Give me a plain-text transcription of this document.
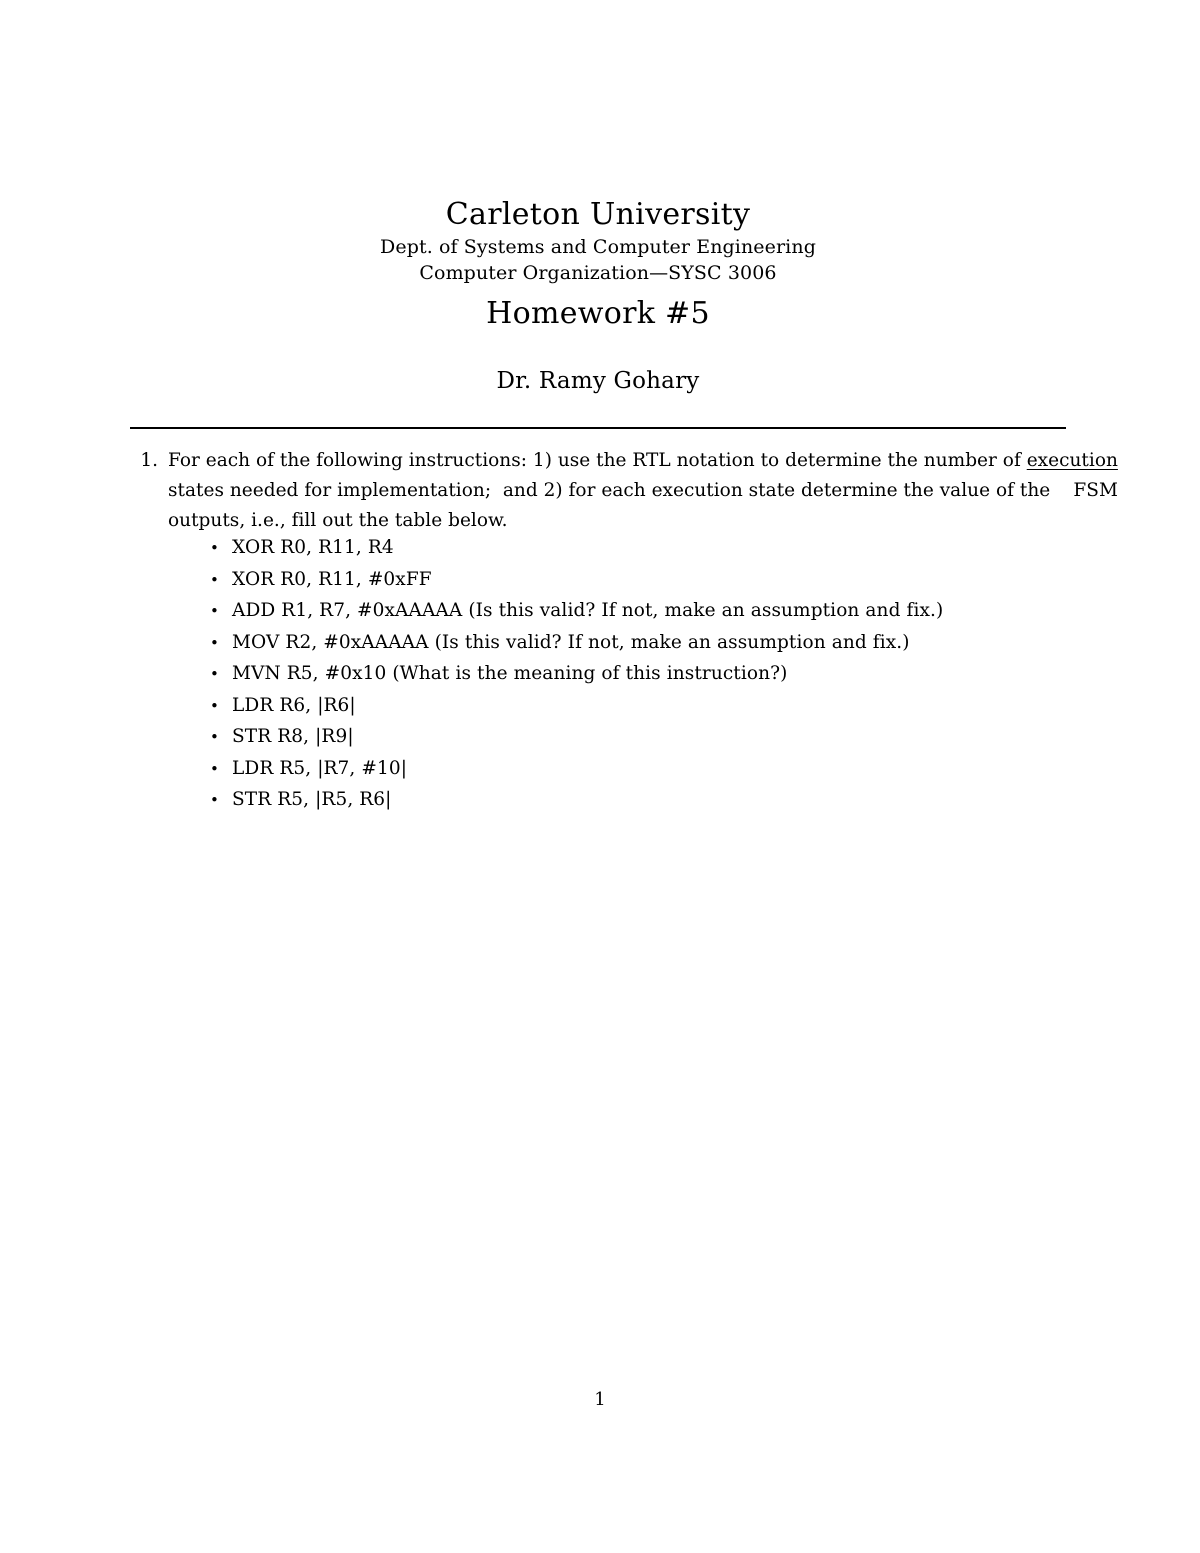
Carleton University
Dept. of Systems and Computer Engineering
Computer Organization—SYSC 3006
Homework #5
Dr. Ramy Gohary
1. For each of the following instructions: 1) use the RTL notation to determine the number of execution
states needed for implementation;  and 2) for each execution state determine the value of the FSM
outputs, i.e., fill out the table below.
• XOR R0, R11, R4
• XOR R0, R11, #0xFF
• ADD R1, R7, #0xAAAAA (Is this valid? If not, make an assumption and fix.)
• MOV R2, #0xAAAAA (Is this valid? If not, make an assumption and fix.)
• MVN R5, #0x10 (What is the meaning of this instruction?)
• LDR R6, |R6|
• STR R8, |R9|
• LDR R5, |R7, #10|
• STR R5, |R5, R6|
1
